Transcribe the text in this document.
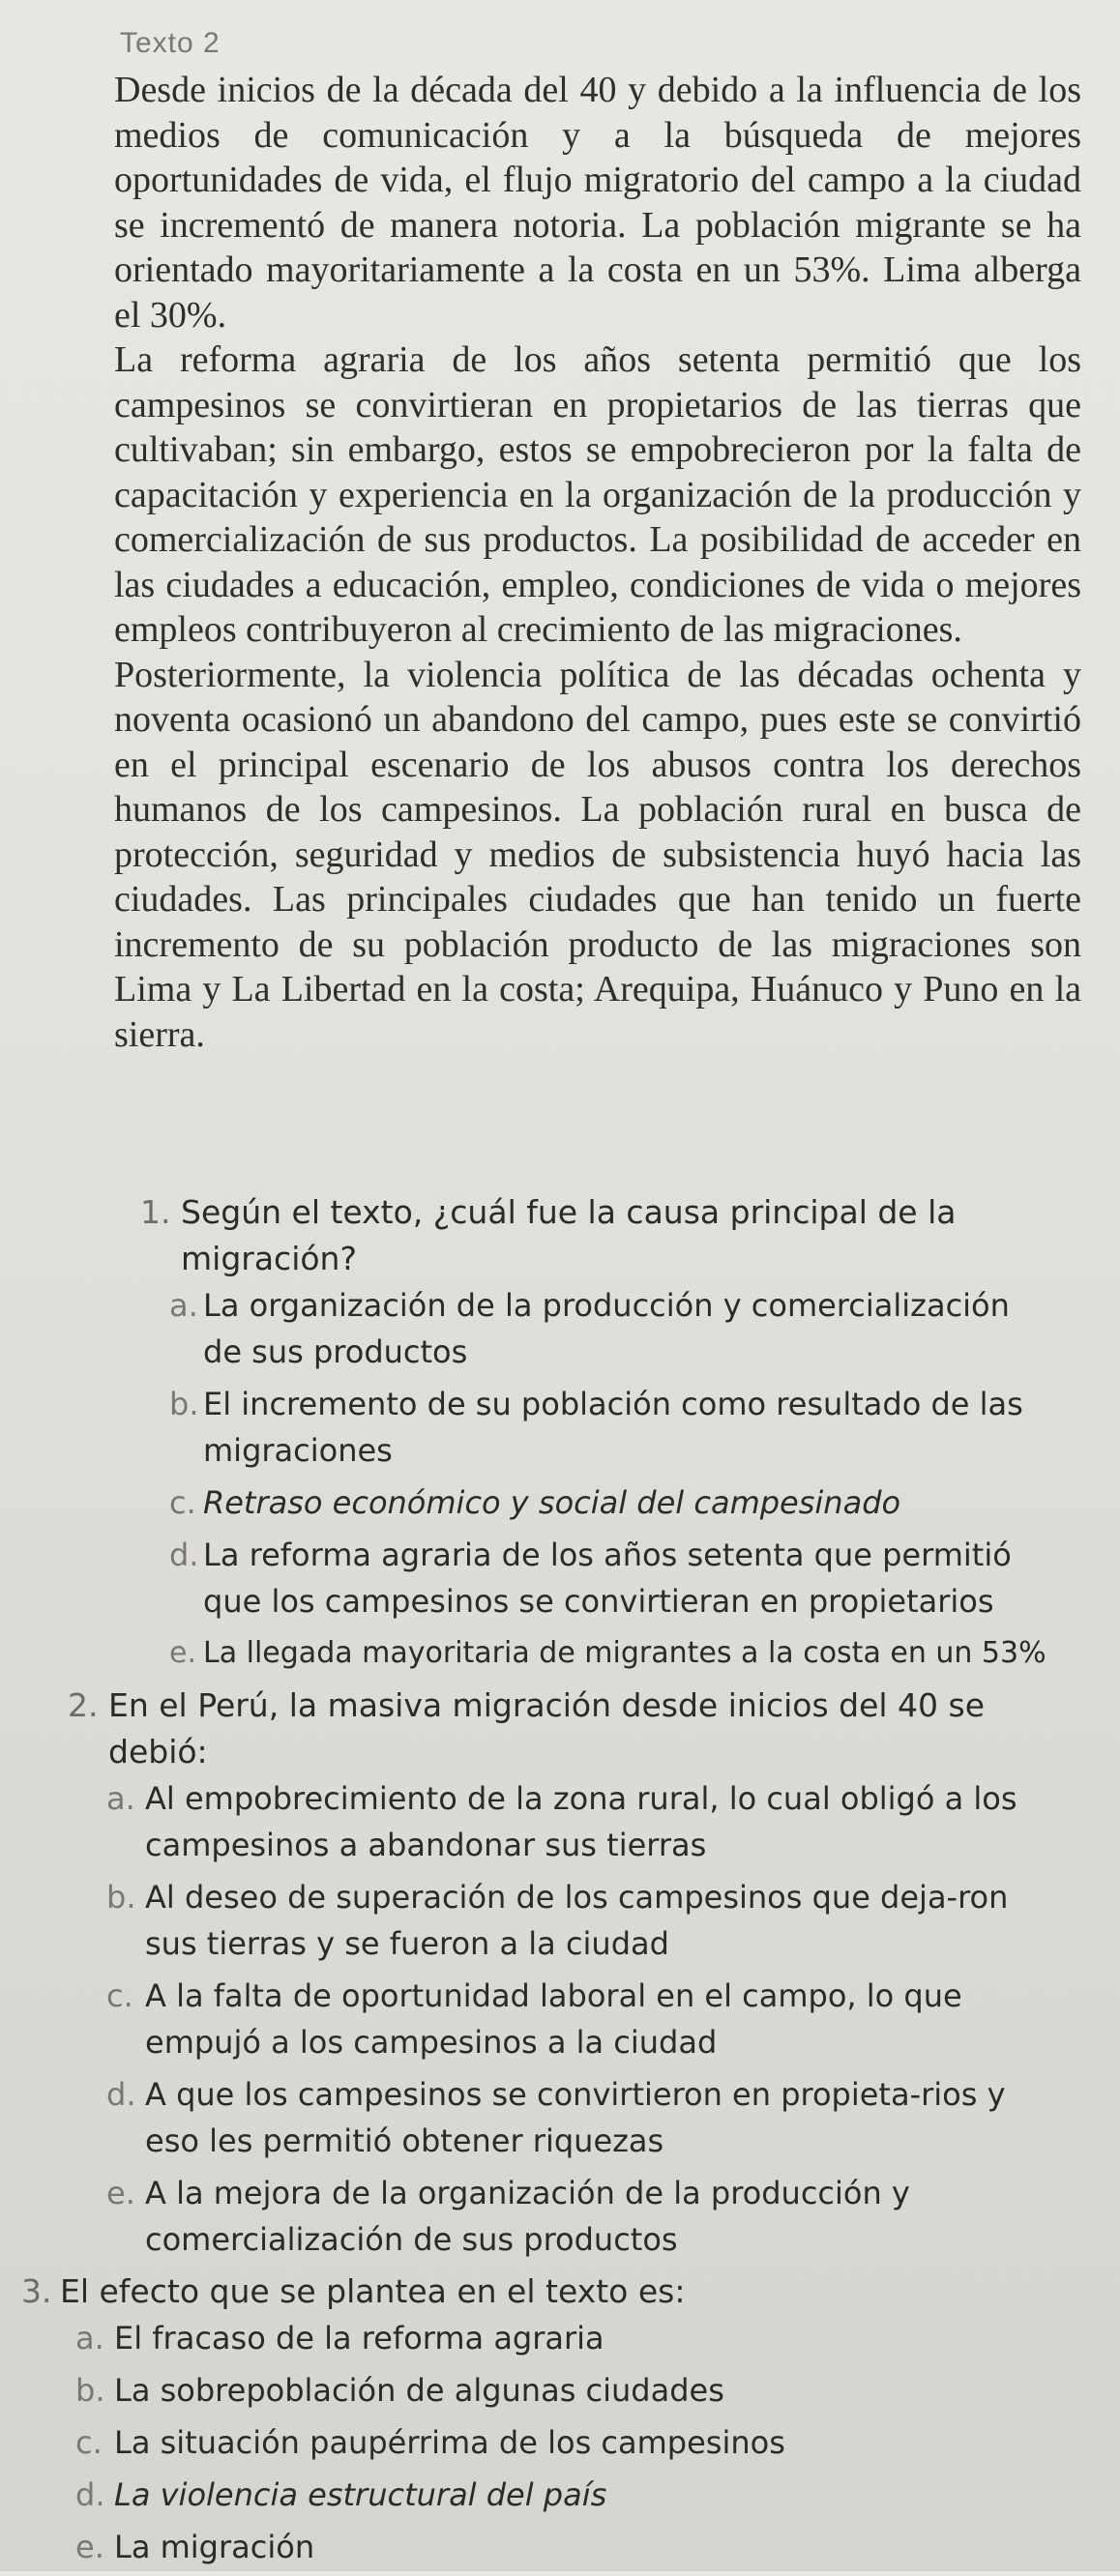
Texto 2

Desde inicios de la década del 40 y debido a la influencia de los medios de comunicación y a la búsqueda de mejores oportunidades de vida, el flujo migratorio del campo a la ciudad se incrementó de manera notoria. La población migrante se ha orientado mayoritariamente a la costa en un 53%. Lima alberga el 30%.

La reforma agraria de los años setenta permitió que los campesinos se convirtieran en propietarios de las tierras que cultivaban; sin embargo, estos se empobrecieron por la falta de capacitación y experiencia en la organización de la producción y comercialización de sus productos. La posibilidad de acceder en las ciudades a educación, empleo, condiciones de vida o mejores empleos contribuyeron al crecimiento de las migraciones.

Posteriormente, la violencia política de las décadas ochenta y noventa ocasionó un abandono del campo, pues este se convirtió en el principal escenario de los abusos contra los derechos humanos de los campesinos. La población rural en busca de protección, seguridad y medios de subsistencia huyó hacia las ciudades. Las principales ciudades que han tenido un fuerte incremento de su población producto de las migraciones son Lima y La Libertad en la costa; Arequipa, Huánuco y Puno en la sierra.

1. Según el texto, ¿cuál fue la causa principal de la migración?
a. La organización de la producción y comercialización de sus productos
b. El incremento de su población como resultado de las migraciones
c. Retraso económico y social del campesinado
d. La reforma agraria de los años setenta que permitió que los campesinos se convirtieran en propietarios
e. La llegada mayoritaria de migrantes a la costa en un 53%
2. En el Perú, la masiva migración desde inicios del 40 se debió:
a. Al empobrecimiento de la zona rural, lo cual obligó a los campesinos a abandonar sus tierras
b. Al deseo de superación de los campesinos que deja-ron sus tierras y se fueron a la ciudad
c. A la falta de oportunidad laboral en el campo, lo que empujó a los campesinos a la ciudad
d. A que los campesinos se convirtieron en propieta-rios y eso les permitió obtener riquezas
e. A la mejora de la organización de la producción y comercialización de sus productos
3. El efecto que se plantea en el texto es:
a. El fracaso de la reforma agraria
b. La sobrepoblación de algunas ciudades
c. La situación paupérrima de los campesinos
d. La violencia estructural del país
e. La migración
